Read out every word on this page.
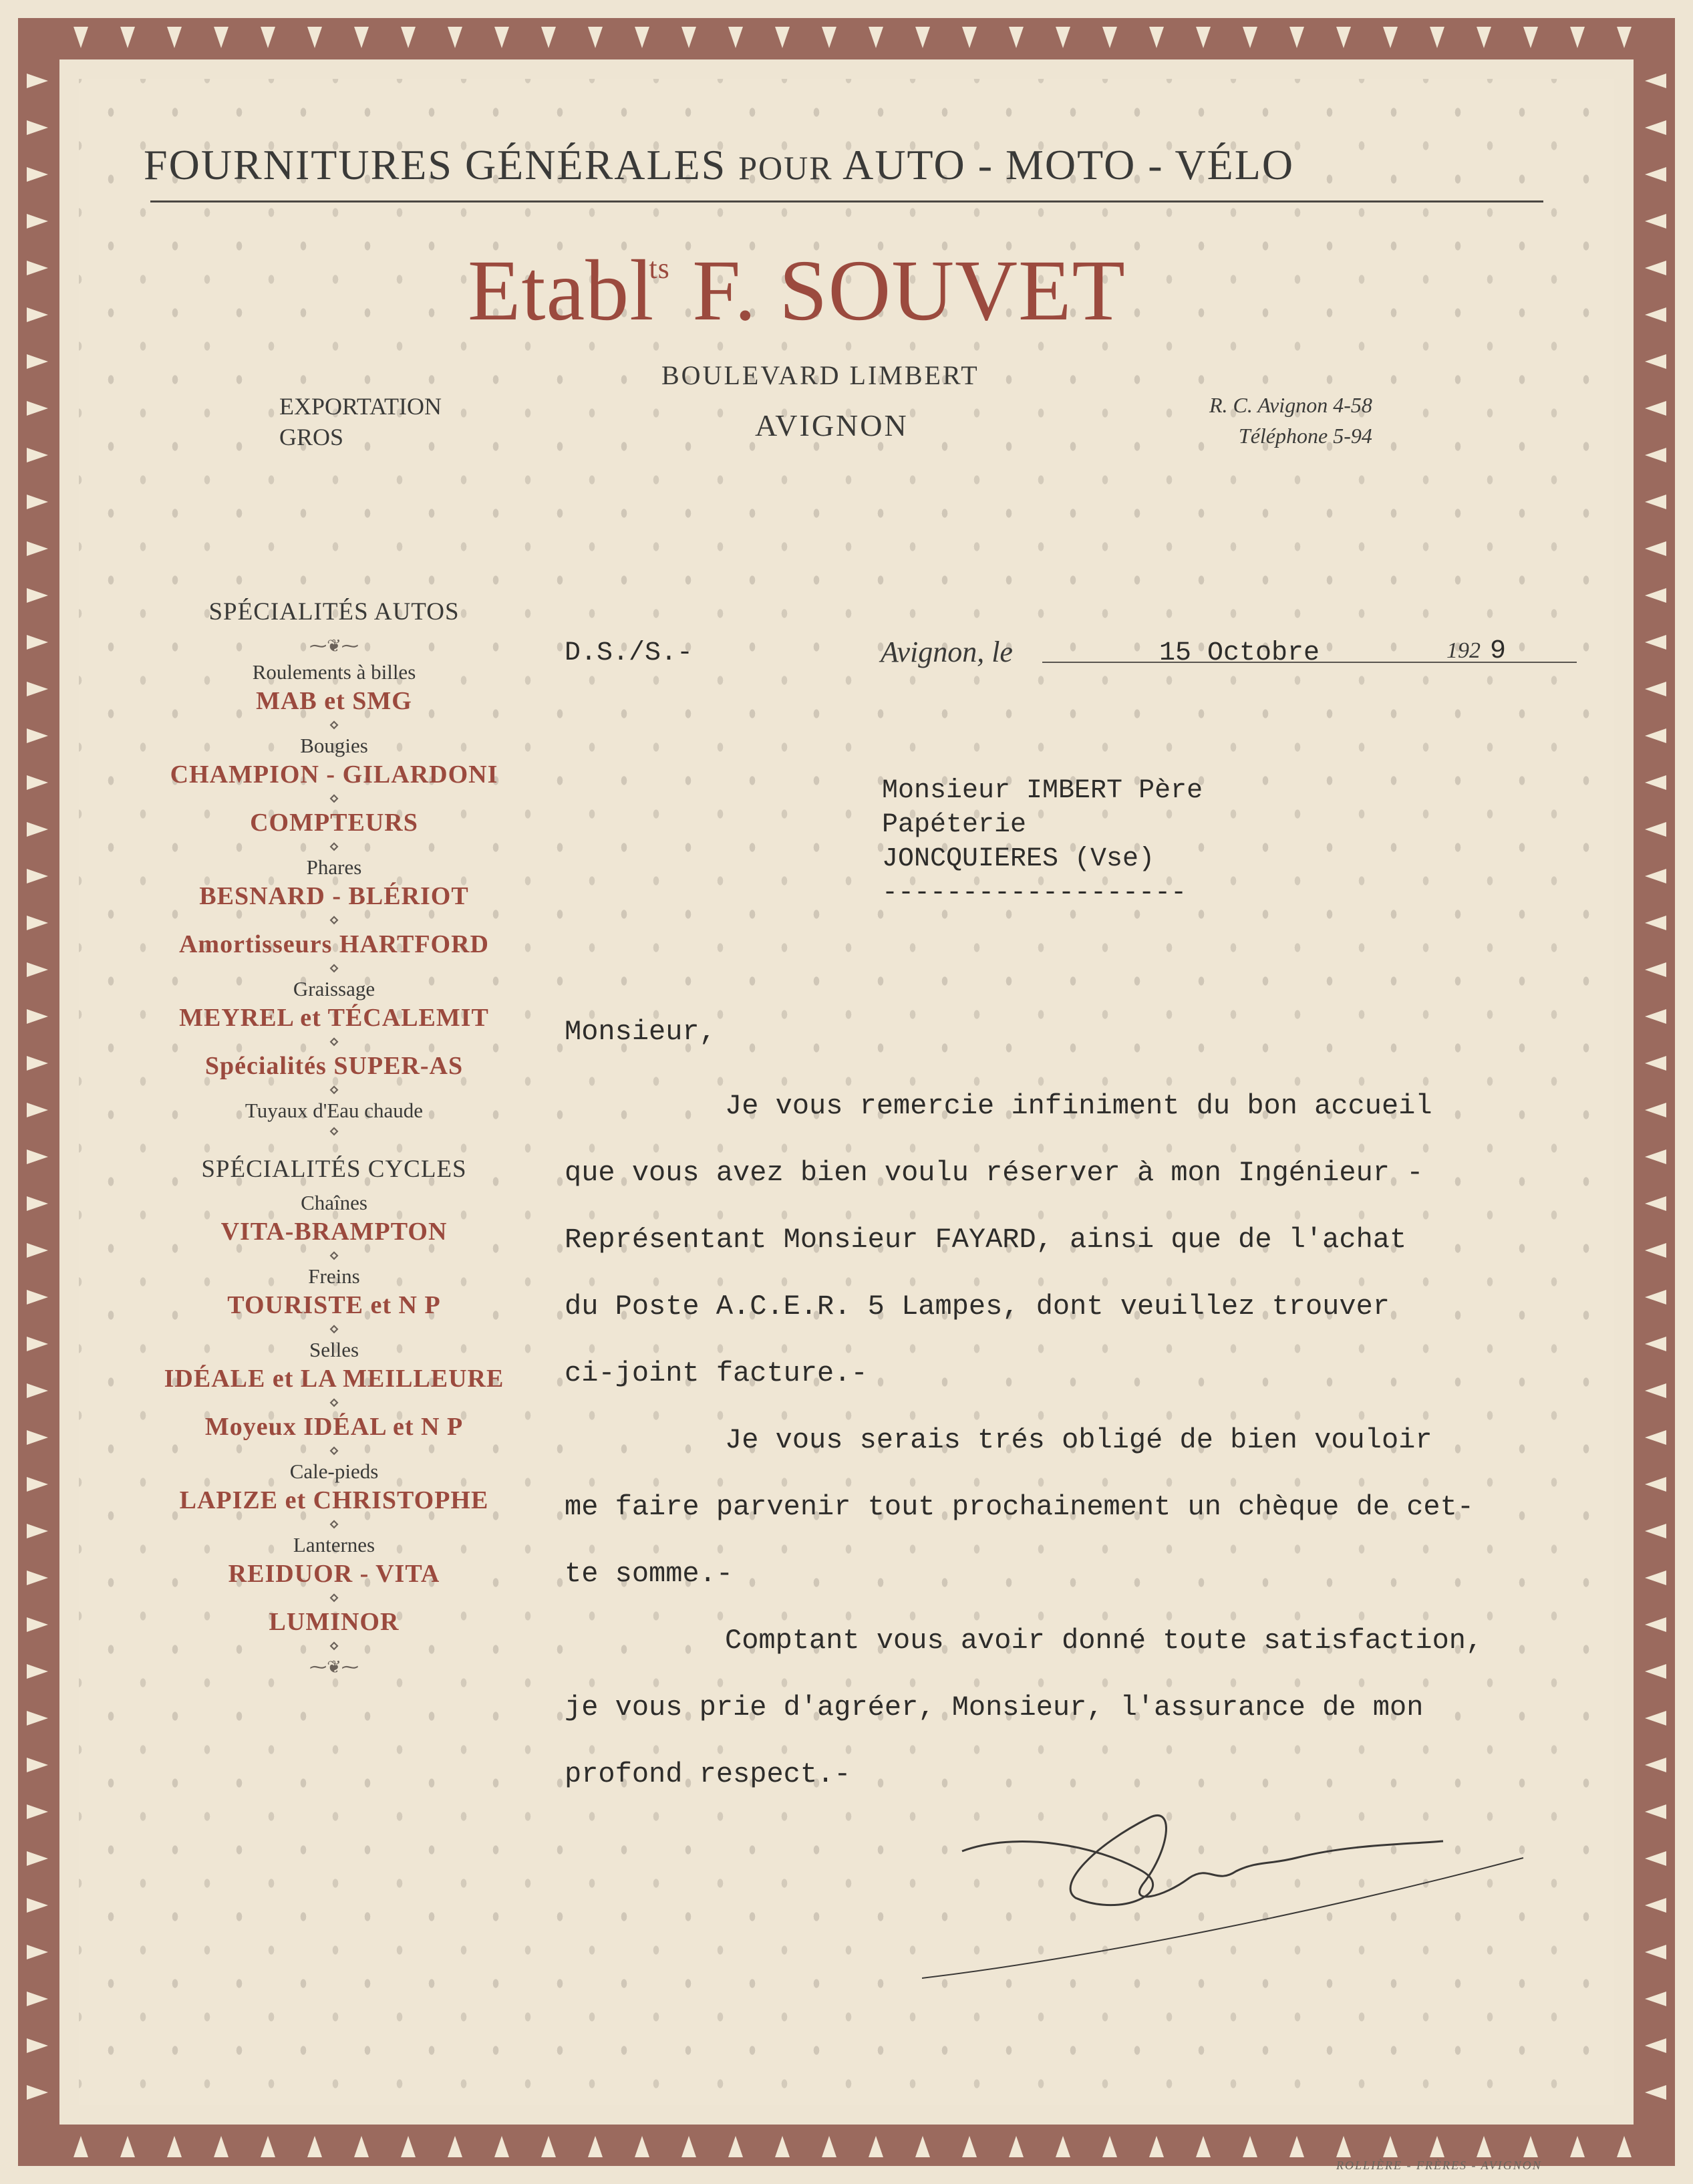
FOURNITURES GÉNÉRALES POUR AUTO - MOTO - VÉLO
Etabl$^{ts}$ F. SOUVET
BOULEVARD LIMBERT
AVIGNON
EXPORTATION
GROS
R. C. Avignon 4-58
Téléphone 5-94
SPÉCIALITÉS AUTOS
⁓❦⁓
Roulements à billes
MAB et SMG
⋄
Bougies
CHAMPION - GILARDONI
⋄
COMPTEURS
⋄
Phares
BESNARD - BLÉRIOT
⋄
Amortisseurs HARTFORD
⋄
Graissage
MEYREL et TÉCALEMIT
⋄
Spécialités SUPER-AS
⋄
Tuyaux d'Eau chaude
⋄
SPÉCIALITÉS CYCLES
Chaînes
VITA-BRAMPTON
⋄
Freins
TOURISTE et N P
⋄
Selles
IDÉALE et LA MEILLEURE
⋄
Moyeux IDÉAL et N P
⋄
Cale-pieds
LAPIZE et CHRISTOPHE
⋄
Lanternes
REIDUOR - VITA
⋄
LUMINOR
⋄
⁓❦⁓
D.S./S.-	Avignon, le	15 Octobre	192 9
Monsieur IMBERT Père
Papéterie
JONCQUIERES (Vse)
-------------------
Monsieur,
Je vous remercie infiniment du bon accueil
que vous avez bien voulu réserver à mon Ingénieur -
Représentant Monsieur FAYARD, ainsi que de l'achat
du Poste A.C.E.R. 5 Lampes, dont veuillez trouver
ci-joint facture.-
Je vous serais trés obligé de bien vouloir
me faire parvenir tout prochainement un chèque de cet-
te somme.-
Comptant vous avoir donné toute satisfaction,
je vous prie d'agréer, Monsieur, l'assurance de mon
profond respect.-
ROLLIÈRE - FRÈRES - AVIGNON
